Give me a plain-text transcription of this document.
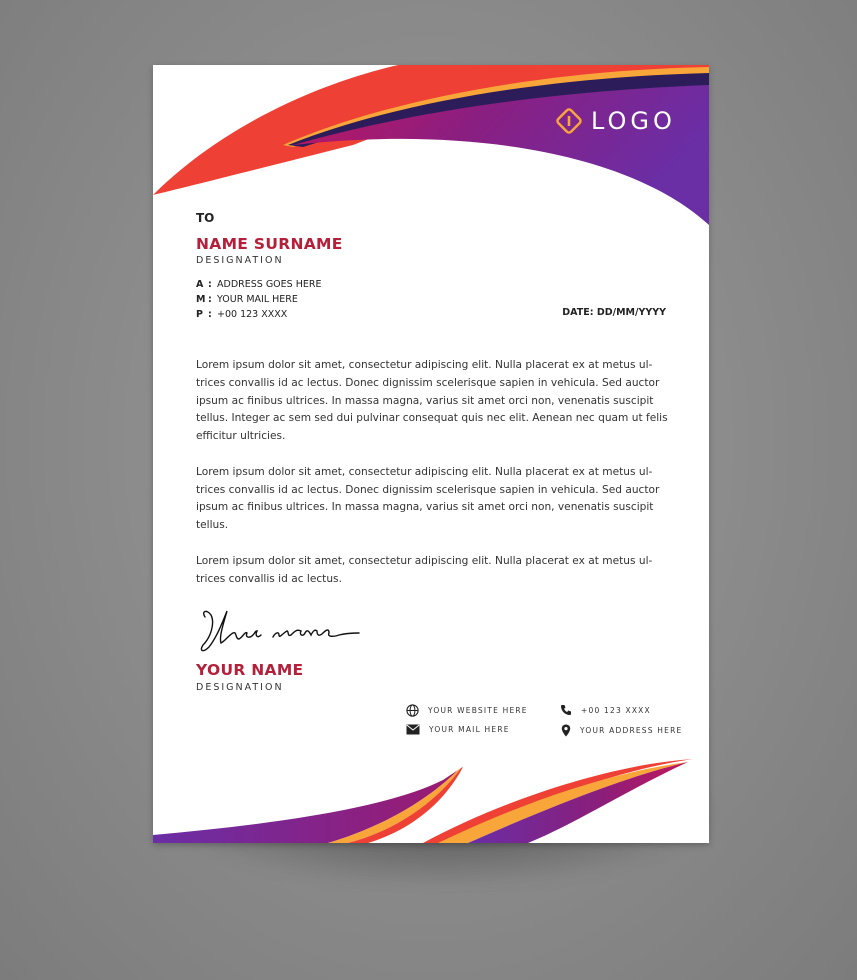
LOGO
TO
NAME SURNAME
DESIGNATION
A : ADDRESS GOES HERE
M : YOUR MAIL HERE
P : +00 123 XXXX	DATE: DD/MM/YYYY

Lorem ipsum dolor sit amet, consectetur adipiscing elit. Nulla placerat ex at metus ul-trices convallis id ac lectus. Donec dignissim scelerisque sapien in vehicula. Sed auctor ipsum ac finibus ultrices. In massa magna, varius sit amet orci non, venenatis suscipit tellus. Integer ac sem sed dui pulvinar consequat quis nec elit. Aenean nec quam ut felis efficitur ultricies.

Lorem ipsum dolor sit amet, consectetur adipiscing elit. Nulla placerat ex at metus ul-trices convallis id ac lectus. Donec dignissim scelerisque sapien in vehicula. Sed auctor ipsum ac finibus ultrices. In massa magna, varius sit amet orci non, venenatis suscipit tellus.

Lorem ipsum dolor sit amet, consectetur adipiscing elit. Nulla placerat ex at metus ul-trices convallis id ac lectus.

YOUR NAME
DESIGNATION
YOUR WEBSITE HERE	+00 123 XXXX
YOUR MAIL HERE	YOUR ADDRESS HERE
